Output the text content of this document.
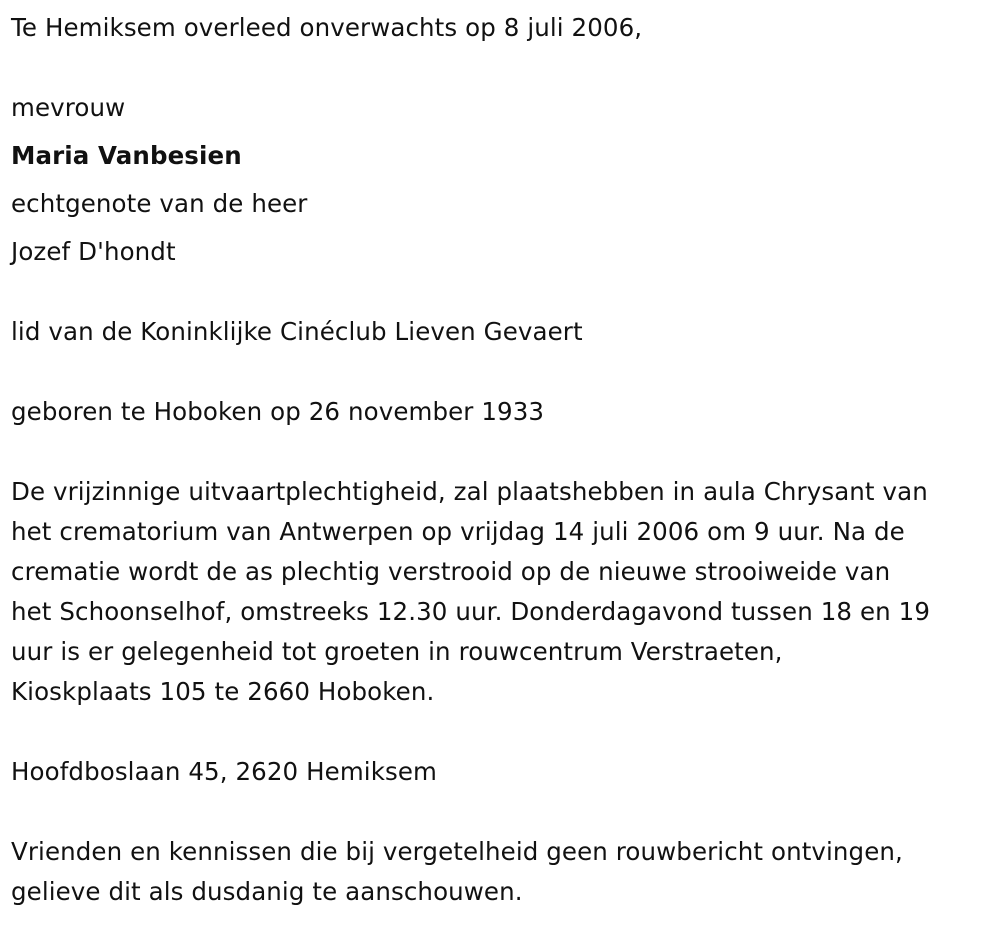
Te Hemiksem overleed onverwachts op 8 juli 2006,
mevrouw
Maria Vanbesien
echtgenote van de heer
Jozef D'hondt
lid van de Koninklijke Cinéclub Lieven Gevaert
geboren te Hoboken op 26 november 1933
De vrijzinnige uitvaartplechtigheid, zal plaatshebben in aula Chrysant van
het crematorium van Antwerpen op vrijdag 14 juli 2006 om 9 uur. Na de
crematie wordt de as plechtig verstrooid op de nieuwe strooiweide van
het Schoonselhof, omstreeks 12.30 uur. Donderdagavond tussen 18 en 19
uur is er gelegenheid tot groeten in rouwcentrum Verstraeten,
Kioskplaats 105 te 2660 Hoboken.
Hoofdboslaan 45, 2620 Hemiksem
Vrienden en kennissen die bij vergetelheid geen rouwbericht ontvingen,
gelieve dit als dusdanig te aanschouwen.
